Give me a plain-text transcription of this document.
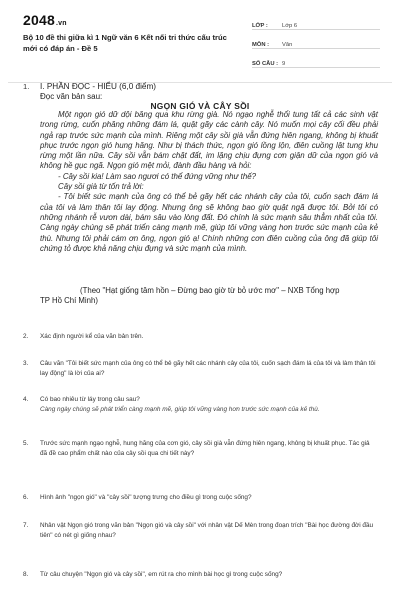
2048.vn
Bộ 10 đề thi giữa kì 1 Ngữ văn 6 Kết nối tri thức cấu trúc mới có đáp án - Đề 5
LỚP :	Lớp 6
MÔN :	Văn
SỐ CÂU : 9
1. I. PHẦN ĐỌC - HIỂU (6,0 điểm)
Đọc văn bản sau:
NGỌN GIÓ VÀ CÂY SỒI

Một ngọn gió dữ dội băng qua khu rừng già. Nó ngạo nghễ thổi tung tất cả các sinh vật trong rừng, cuốn phăng những đám lá, quật gãy các cành cây. Nó muốn mọi cây cối đều phải ngả rạp trước sức mạnh của mình. Riêng một cây sồi già vẫn đứng hiên ngang, không bị khuất phục trước ngọn gió hung hăng. Như bị thách thức, ngọn gió lồng lộn, điên cuồng lật tung khu rừng một lần nữa. Cây sồi vẫn bám chặt đất, im lặng chịu đựng cơn giận dữ của ngọn gió và không hề gục ngã. Ngọn gió mệt mỏi, đành đầu hàng và hỏi:

- Cây sồi kia! Làm sao ngươi có thể đứng vững như thế?

Cây sồi già từ tốn trả lời:

- Tôi biết sức mạnh của ông có thể bẻ gãy hết các nhánh cây của tôi, cuốn sạch đám lá của tôi và làm thân tôi lay động. Nhưng ông sẽ không bao giờ quật ngã được tôi. Bởi tôi có những nhánh rễ vươn dài, bám sâu vào lòng đất. Đó chính là sức mạnh sâu thẳm nhất của tôi. Càng ngày chúng sẽ phát triển càng mạnh mẽ, giúp tôi vững vàng hơn trước sức mạnh của kẻ thù. Nhưng tôi phải cám ơn ông, ngọn gió ạ! Chính những cơn điên cuồng của ông đã giúp tôi chứng tỏ được khả năng chịu đựng và sức mạnh của mình.

(Theo "Hạt giống tâm hồn – Đừng bao giờ từ bỏ ước mơ" – NXB Tổng hợp
TP Hồ Chí Minh)
2. Xác định người kể của văn bản trên.
3. Câu văn "Tôi biết sức mạnh của ông có thể bẻ gãy hết các nhánh cây của tôi, cuốn sạch đám lá của tôi và làm thân tôi lay động" là lời của ai?
4. Có bao nhiêu từ láy trong câu sau?
Càng ngày chúng sẽ phát triển càng mạnh mẽ, giúp tôi vững vàng hơn trước sức mạnh của kẻ thù.
5. Trước sức mạnh ngạo nghễ, hung hăng của cơn gió, cây sồi già vẫn đứng hiên ngang, không bị khuất phục. Tác giả đã đề cao phẩm chất nào của cây sồi qua chi tiết này?
6. Hình ảnh "ngọn gió" và "cây sồi" tượng trưng cho điều gì trong cuộc sống?
7. Nhân vật Ngọn gió trong văn bản "Ngọn gió và cây sồi" với nhân vật Dế Mèn trong đoạn trích "Bài học đường đời đầu tiên" có nét gì giống nhau?
8. Từ câu chuyện "Ngọn gió và cây sồi", em rút ra cho mình bài học gì trong cuộc sống?
